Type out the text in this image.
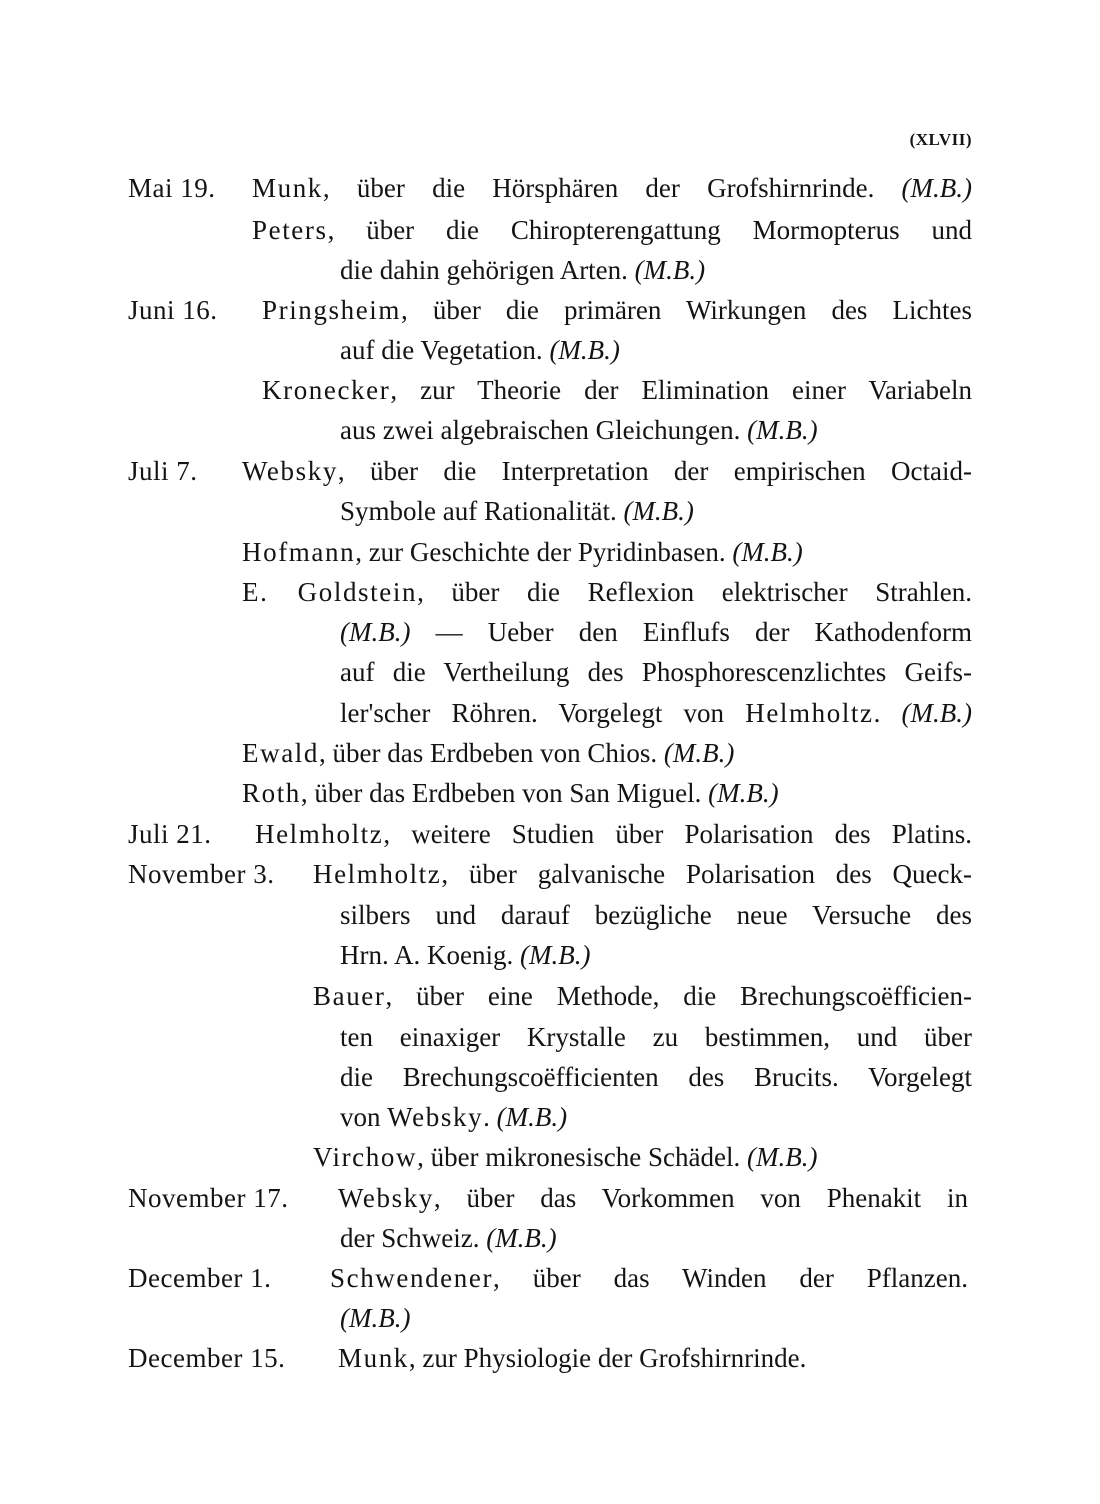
(XLVII)
Mai 19. Munk, über die Hörsphären der Grofshirnrinde. (M.B.)
Peters, über die Chiropterengattung Mormopterus und
die dahin gehörigen Arten. (M.B.)
Juni 16. Pringsheim, über die primären Wirkungen des Lichtes
auf die Vegetation. (M.B.)
Kronecker, zur Theorie der Elimination einer Variabeln
aus zwei algebraischen Gleichungen. (M.B.)
Juli 7. Websky, über die Interpretation der empirischen Octaid-
Symbole auf Rationalität. (M.B.)
Hofmann, zur Geschichte der Pyridinbasen. (M.B.)
E. Goldstein, über die Reflexion elektrischer Strahlen.
(M.B.) — Ueber den Einflufs der Kathodenform
auf die Vertheilung des Phosphorescenzlichtes Geifs-
ler'scher Röhren. Vorgelegt von Helmholtz. (M.B.)
Ewald, über das Erdbeben von Chios. (M.B.)
Roth, über das Erdbeben von San Miguel. (M.B.)
Juli 21. Helmholtz, weitere Studien über Polarisation des Platins.
November 3. Helmholtz, über galvanische Polarisation des Queck-
silbers und darauf bezügliche neue Versuche des
Hrn. A. Koenig. (M.B.)
Bauer, über eine Methode, die Brechungscoëfficien-
ten einaxiger Krystalle zu bestimmen, und über
die Brechungscoëfficienten des Brucits. Vorgelegt
von Websky. (M.B.)
Virchow, über mikronesische Schädel. (M.B.)
November 17. Websky, über das Vorkommen von Phenakit in
der Schweiz. (M.B.)
December 1. Schwendener, über das Winden der Pflanzen.
(M.B.)
December 15. Munk, zur Physiologie der Grofshirnrinde.
